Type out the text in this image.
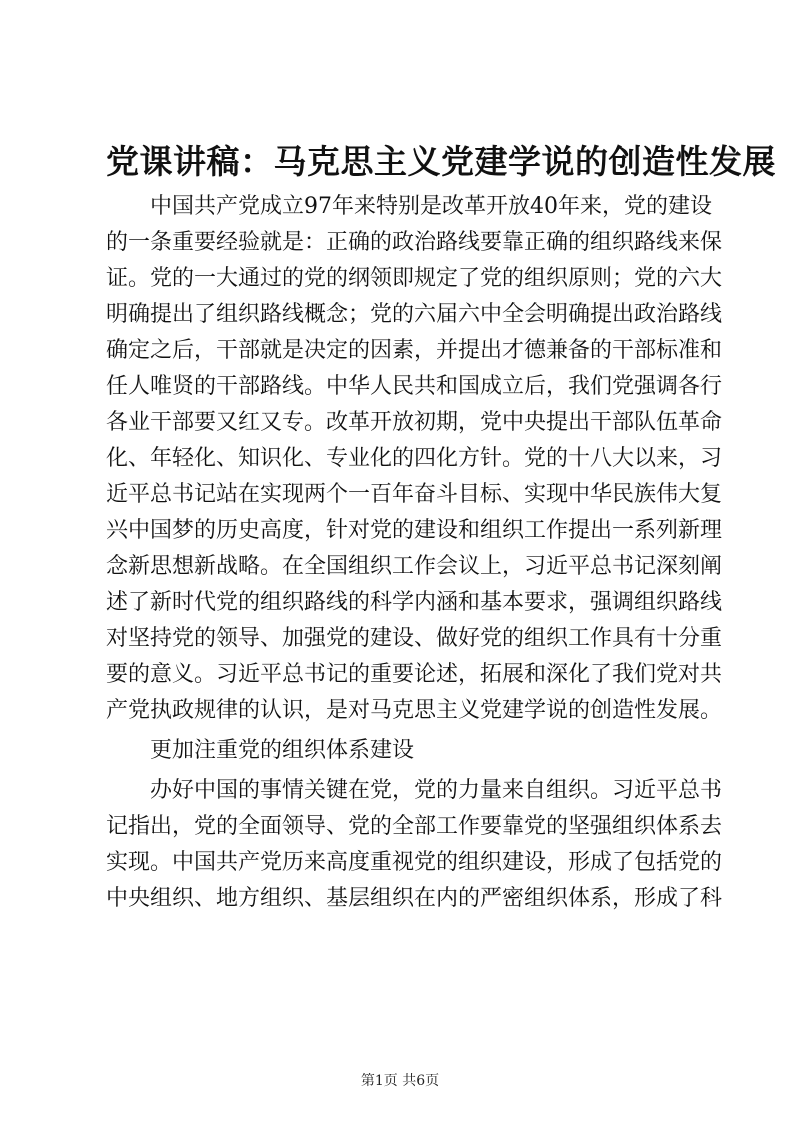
党课讲稿：马克思主义党建学说的创造性发展
中国共产党成立97年来特别是改革开放40年来，党的建设
的一条重要经验就是：正确的政治路线要靠正确的组织路线来保
证。党的一大通过的党的纲领即规定了党的组织原则；党的六大
明确提出了组织路线概念；党的六届六中全会明确提出政治路线
确定之后，干部就是决定的因素，并提出才德兼备的干部标准和
任人唯贤的干部路线。中华人民共和国成立后，我们党强调各行
各业干部要又红又专。改革开放初期，党中央提出干部队伍革命
化、年轻化、知识化、专业化的四化方针。党的十八大以来，习
近平总书记站在实现两个一百年奋斗目标、实现中华民族伟大复
兴中国梦的历史高度，针对党的建设和组织工作提出一系列新理
念新思想新战略。在全国组织工作会议上，习近平总书记深刻阐
述了新时代党的组织路线的科学内涵和基本要求，强调组织路线
对坚持党的领导、加强党的建设、做好党的组织工作具有十分重
要的意义。习近平总书记的重要论述，拓展和深化了我们党对共
产党执政规律的认识，是对马克思主义党建学说的创造性发展。
更加注重党的组织体系建设
办好中国的事情关键在党，党的力量来自组织。习近平总书
记指出，党的全面领导、党的全部工作要靠党的坚强组织体系去
实现。中国共产党历来高度重视党的组织建设，形成了包括党的
中央组织、地方组织、基层组织在内的严密组织体系，形成了科
第1页 共6页
